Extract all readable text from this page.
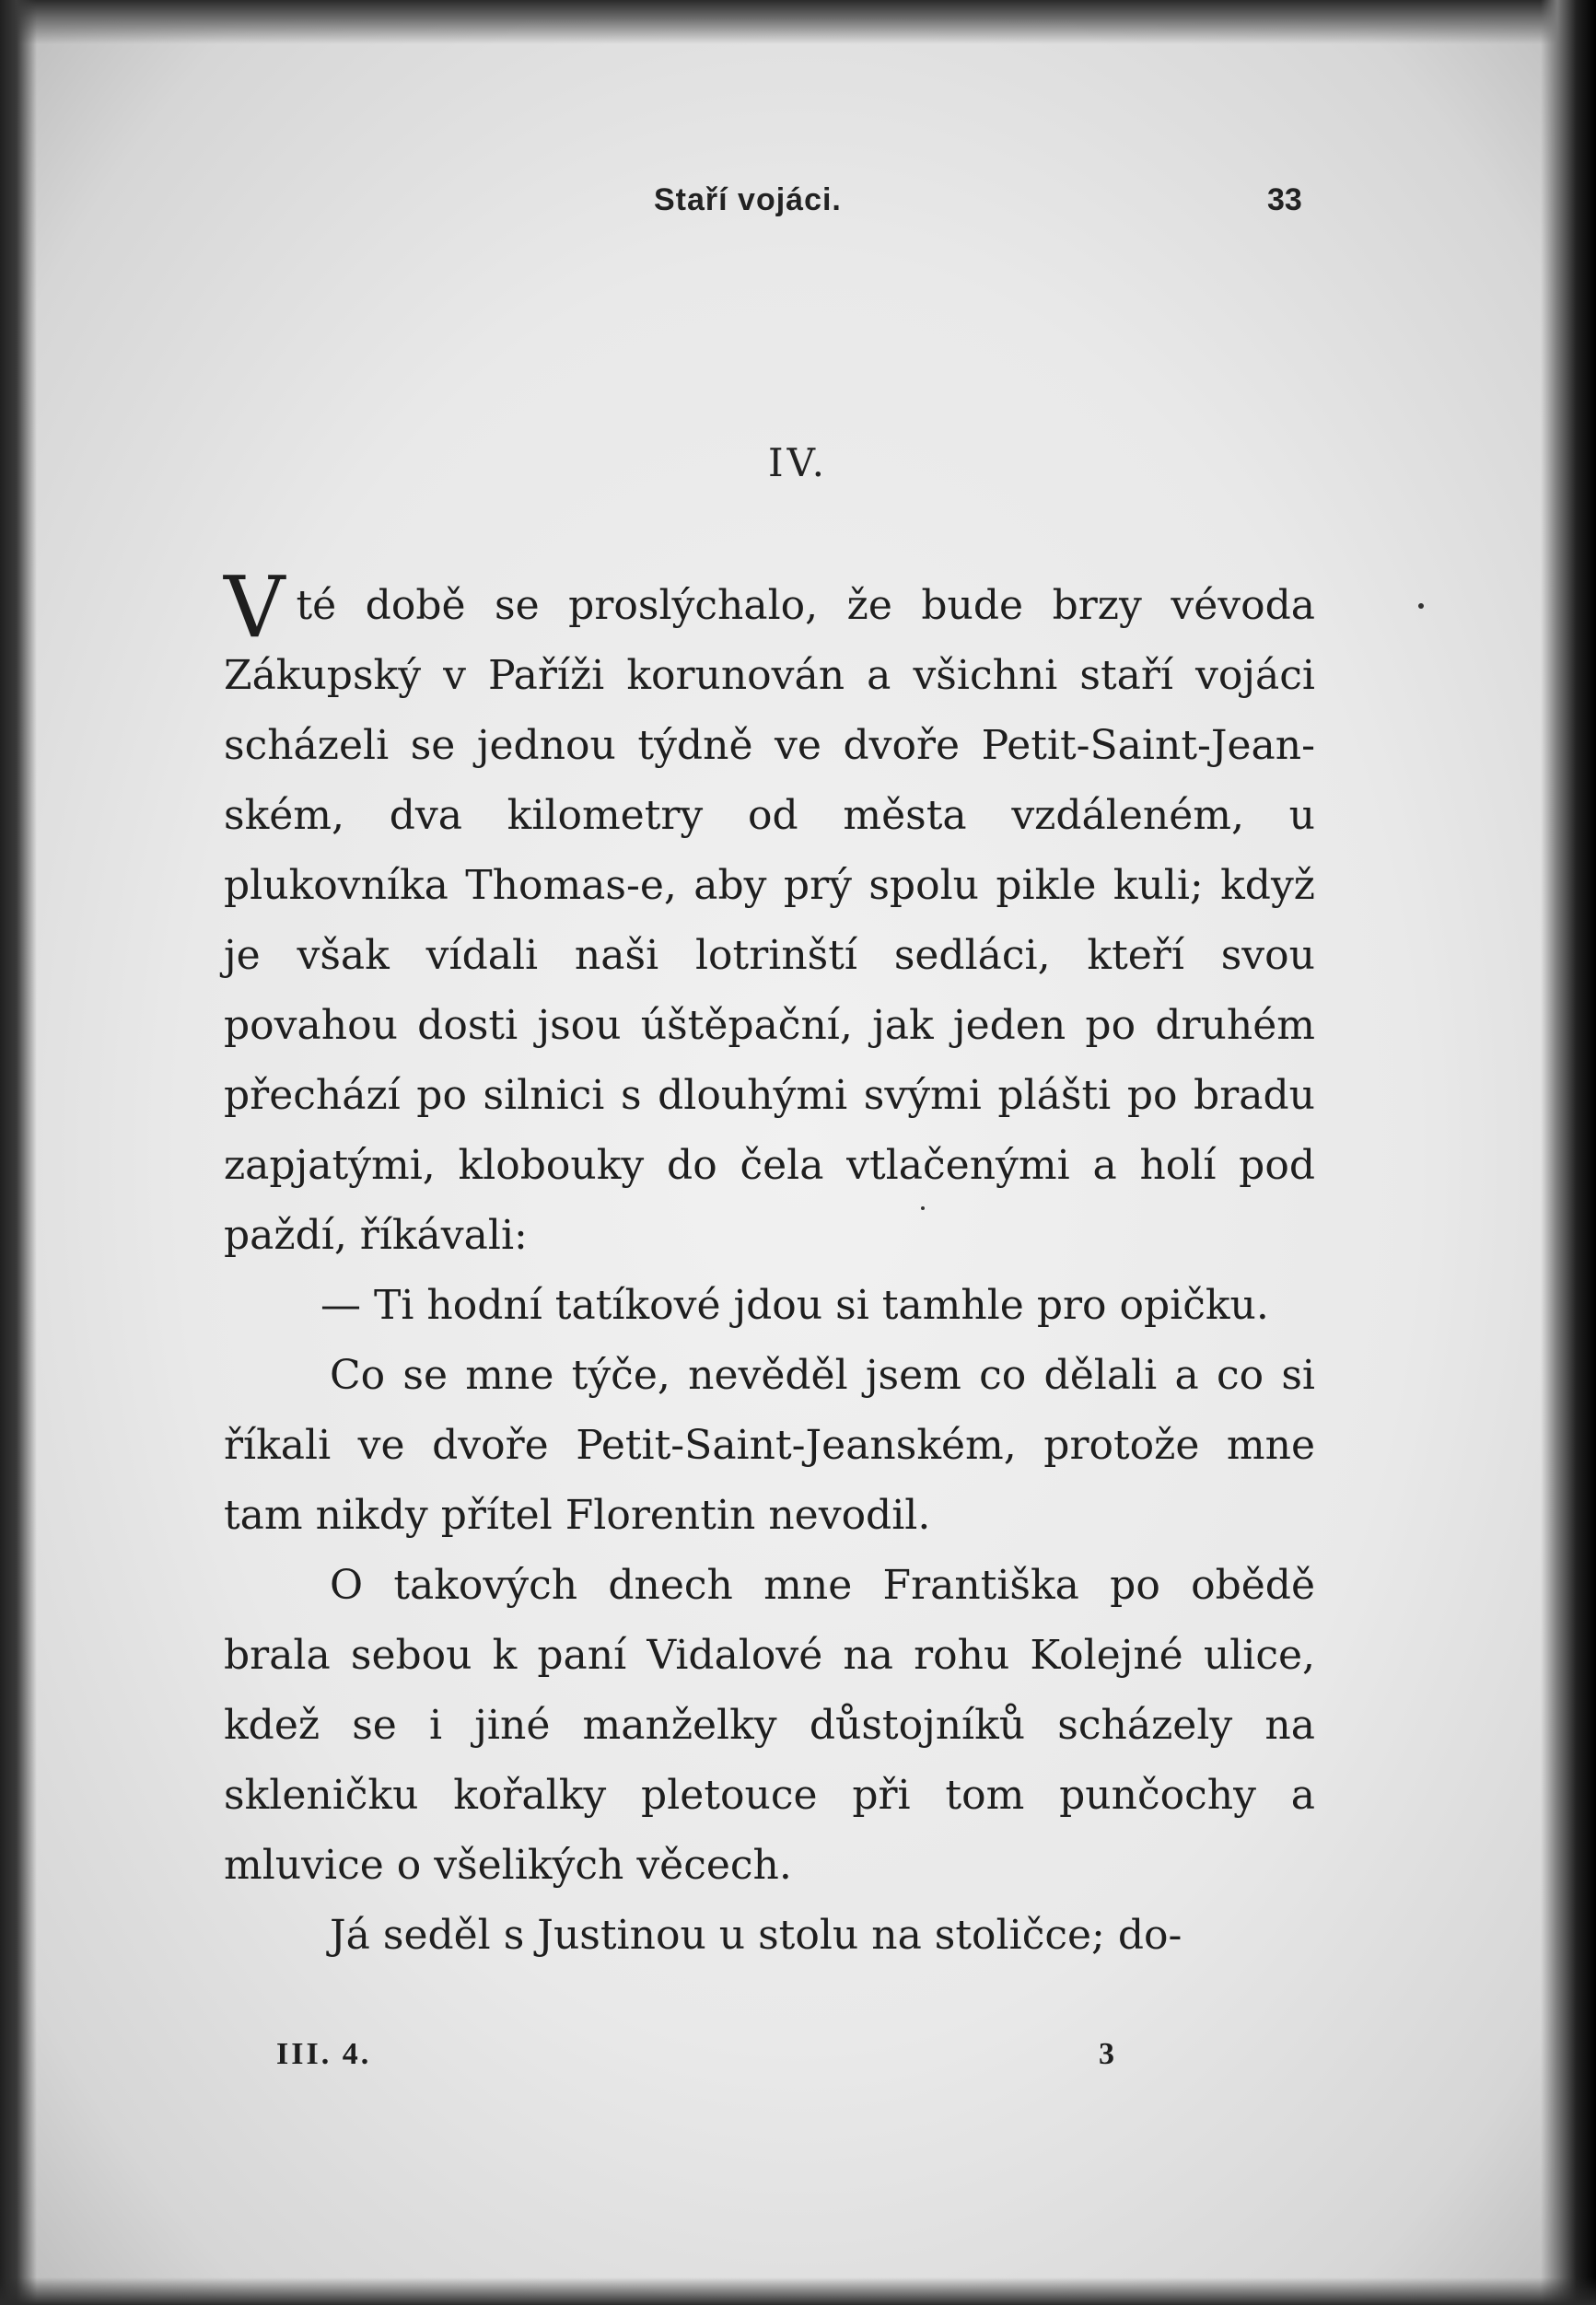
Staří vojáci.	33
IV.

V té době se proslýchalo, že bude brzy vévoda Zákupský v Paříži korunován a všichni staří vojáci scházeli se jednou týdně ve dvoře Petit-Saint-Jean-ském, dva kilometry od města vzdáleném, u plukovníka Thomas-e, aby prý spolu pikle kuli; když je však vídali naši lotrinští sedláci, kteří svou povahou dosti jsou úštěpační, jak jeden po druhém přechází po silnici s dlouhými svými plášti po bradu zapjatými, klobouky do čela vtlačenými a holí pod paždí, říkávali:

— Ti hodní tatíkové jdou si tamhle pro opičku.

Co se mne týče, nevěděl jsem co dělali a co si říkali ve dvoře Petit-Saint-Jeanském, protože mne tam nikdy přítel Florentin nevodil.

O takových dnech mne Františka po obědě brala sebou k paní Vidalové na rohu Kolejné ulice, kdež se i jiné manželky důstojníků scházely na skleničku kořalky pletouce při tom punčochy a mluvice o všelikých věcech.

Já seděl s Justinou u stolu na stoličce; do-

III. 4.	3
